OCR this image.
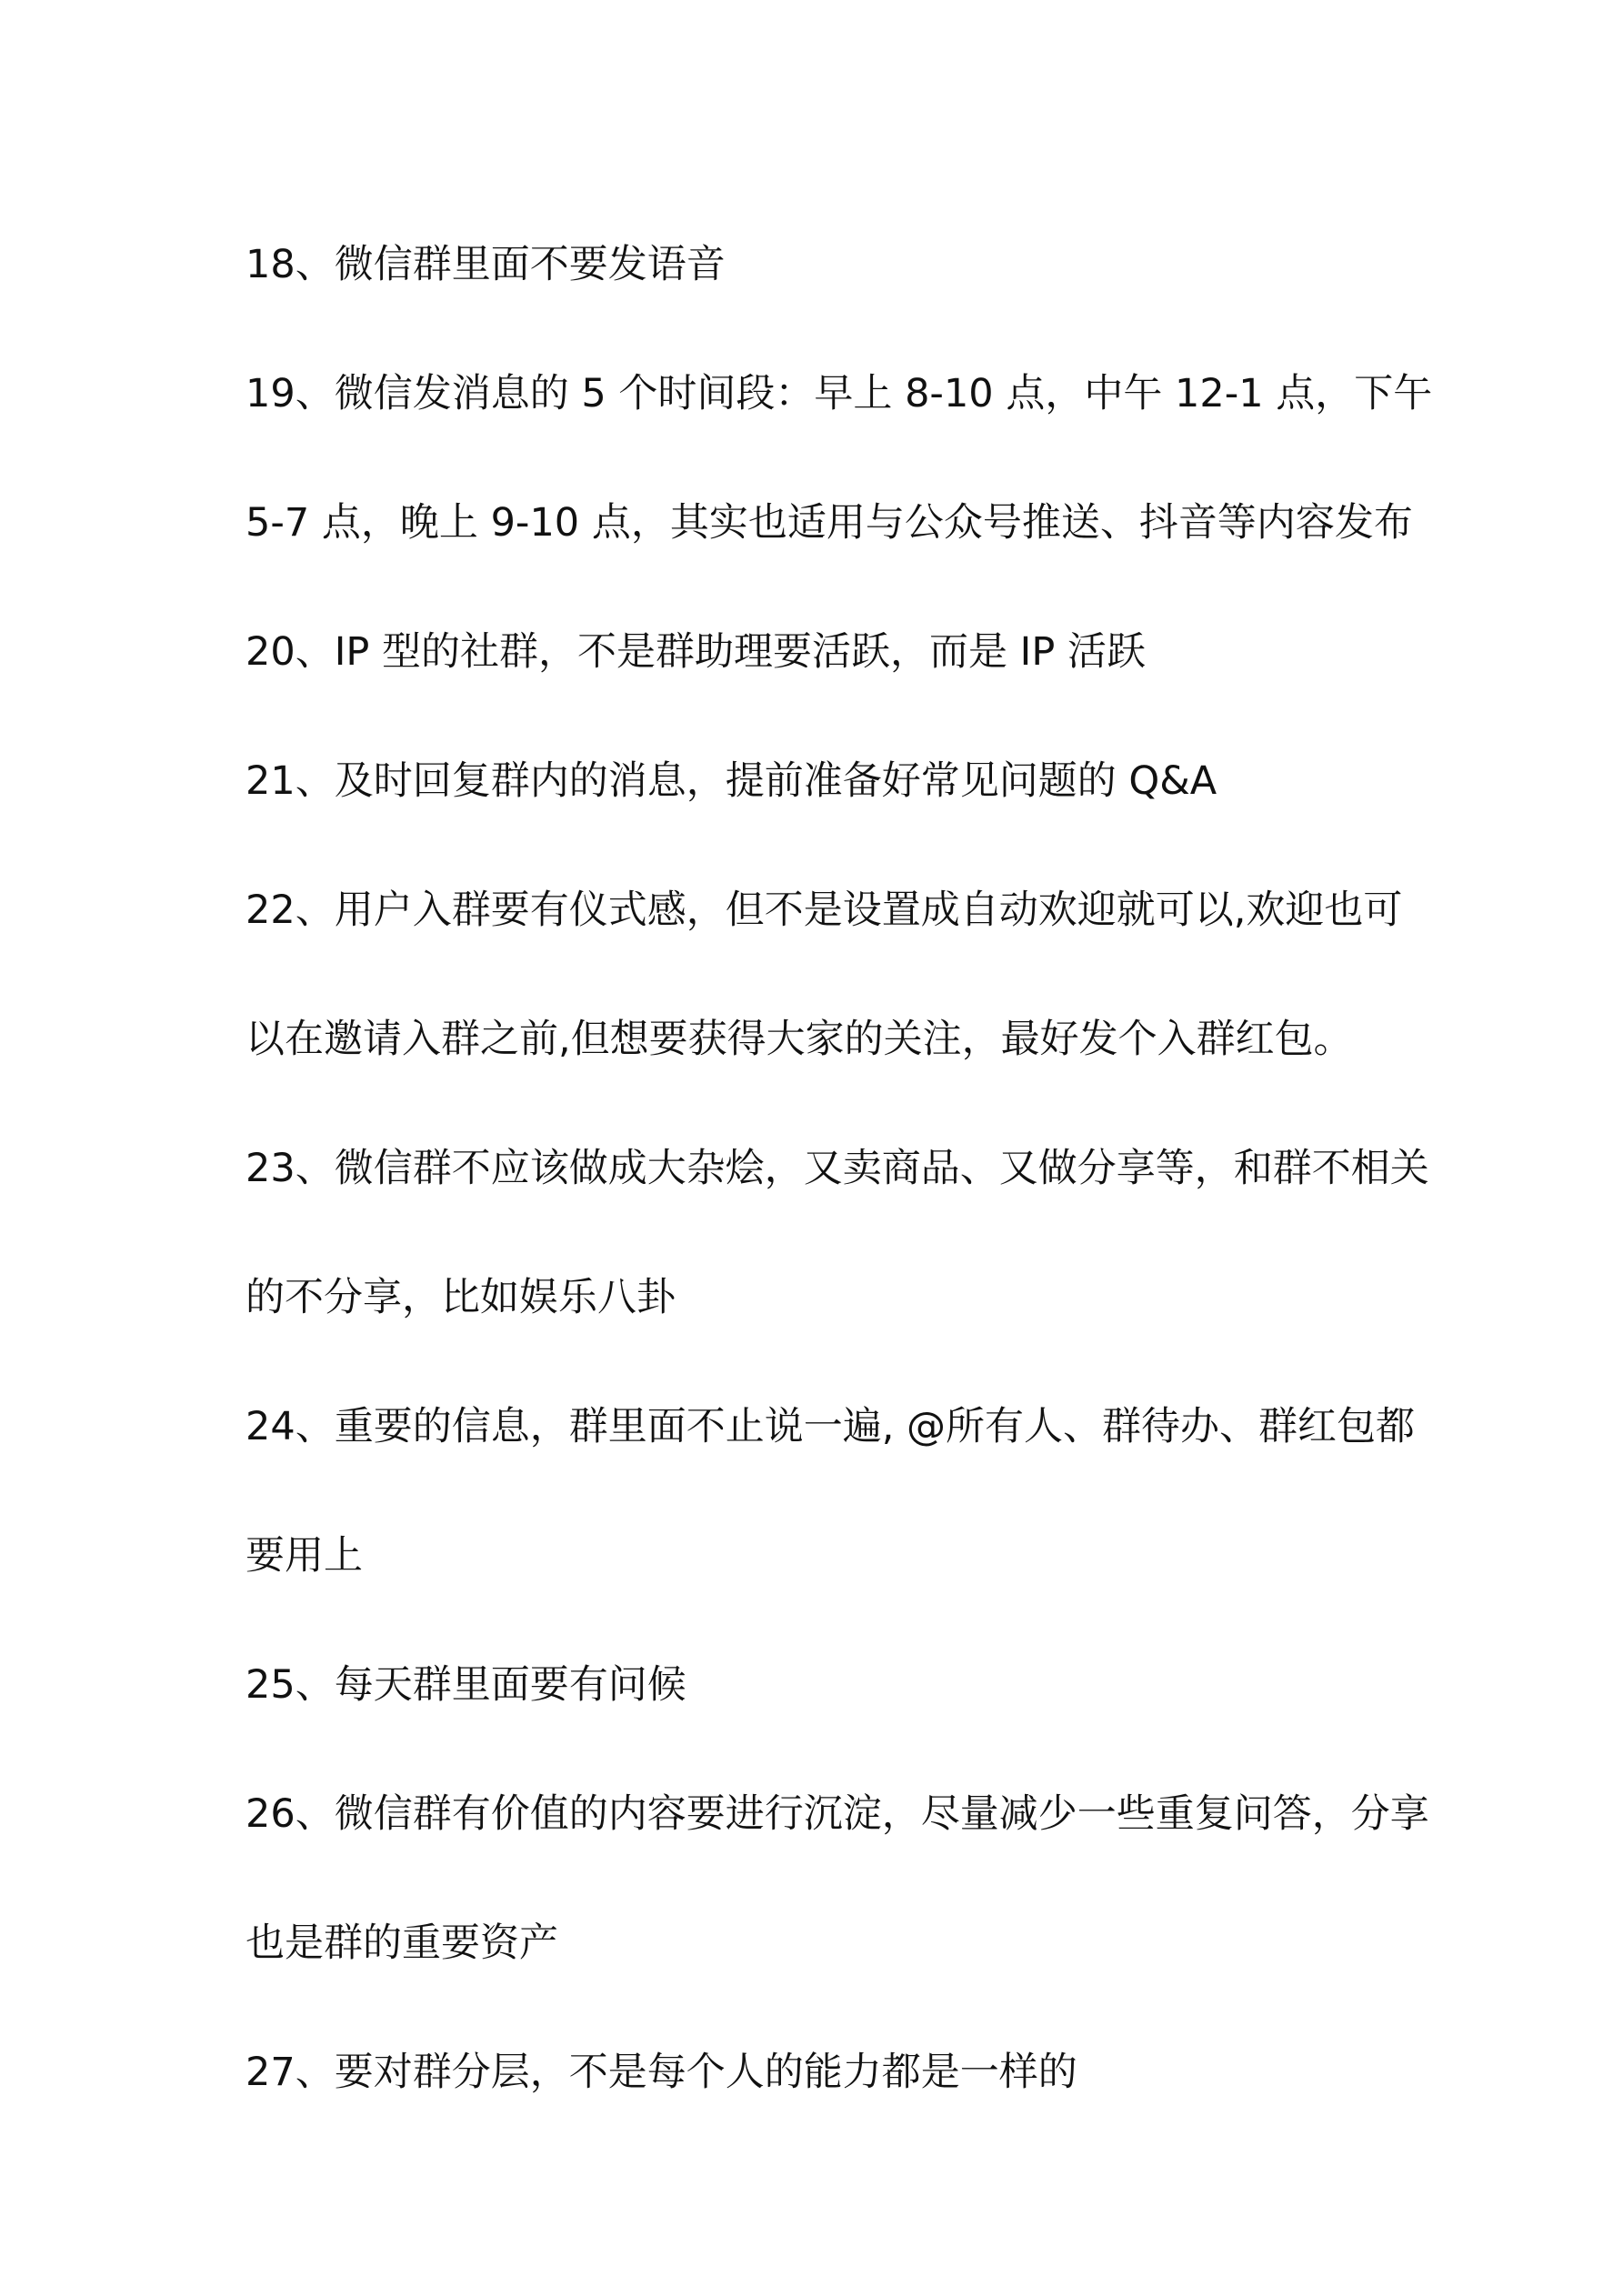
18、微信群里面不要发语音
19、微信发消息的 5 个时间段：早上 8-10 点，中午 12-1 点，下午
5-7 点，晚上 9-10 点，其实也适用与公众号推送、抖音等内容发布
20、IP 型的社群，不是群助理要活跃，而是 IP 活跃
21、及时回复群内的消息，提前准备好常见问题的 Q&A
22、用户入群要有仪式感，但不是设置成自动欢迎就可以,欢迎也可
以在邀请入群之前,但想要获得大家的关注，最好发个入群红包。
23、微信群不应该做成大杂烩，又卖商品、又做分享等，和群不相关
的不分享，比如娱乐八卦
24、重要的信息，群里面不止说一遍, @所有人、群待办、群红包都
要用上
25、每天群里面要有问候
26、微信群有价值的内容要进行沉淀，尽量减少一些重复问答，分享
也是群的重要资产
27、要对群分层，不是每个人的能力都是一样的
